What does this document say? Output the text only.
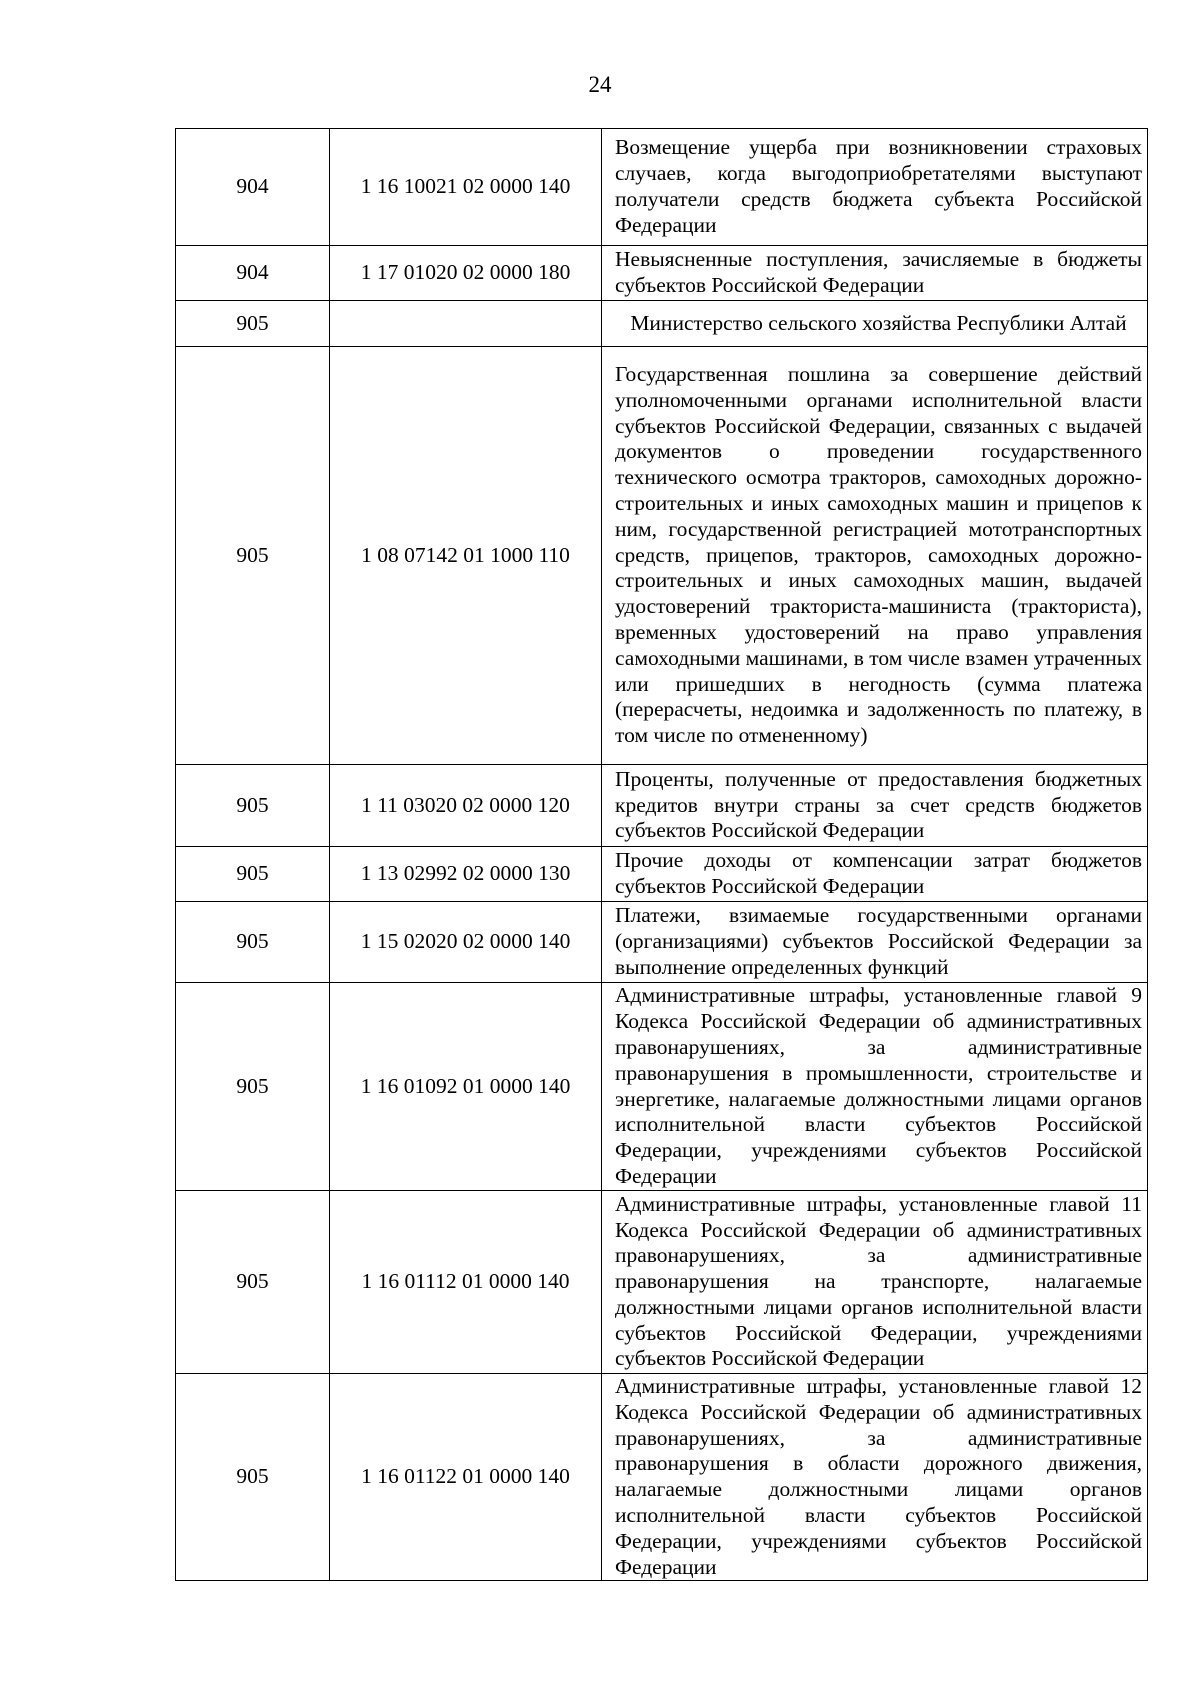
24
904	1 16 10021 02 0000 140	Возмещение ущерба при возникновении страховых случаев, когда выгодоприобретателями выступают получатели средств бюджета субъекта Российской Федерации
904	1 17 01020 02 0000 180	Невыясненные поступления, зачисляемые в бюджеты субъектов Российской Федерации
905		Министерство сельского хозяйства Республики Алтай
905	1 08 07142 01 1000 110	Государственная пошлина за совершение действий уполномоченными органами исполнительной власти субъектов Российской Федерации, связанных с выдачей документов о проведении государственного технического осмотра тракторов, самоходных дорожно-строительных и иных самоходных машин и прицепов к ним, государственной регистрацией мототранспортных средств, прицепов, тракторов, самоходных дорожно-строительных и иных самоходных машин, выдачей удостоверений тракториста-машиниста (тракториста), временных удостоверений на право управления самоходными машинами, в том числе взамен утраченных или пришедших в негодность (сумма платежа (перерасчеты, недоимка и задолженность по платежу, в том числе по отмененному)
905	1 11 03020 02 0000 120	Проценты, полученные от предоставления бюджетных кредитов внутри страны за счет средств бюджетов субъектов Российской Федерации
905	1 13 02992 02 0000 130	Прочие доходы от компенсации затрат бюджетов субъектов Российской Федерации
905	1 15 02020 02 0000 140	Платежи, взимаемые государственными органами (организациями) субъектов Российской Федерации за выполнение определенных функций
905	1 16 01092 01 0000 140	Административные штрафы, установленные главой 9 Кодекса Российской Федерации об административных правонарушениях, за административные правонарушения в промышленности, строительстве и энергетике, налагаемые должностными лицами органов исполнительной власти субъектов Российской Федерации, учреждениями субъектов Российской Федерации
905	1 16 01112 01 0000 140	Административные штрафы, установленные главой 11 Кодекса Российской Федерации об административных правонарушениях, за административные правонарушения на транспорте, налагаемые должностными лицами органов исполнительной власти субъектов Российской Федерации, учреждениями субъектов Российской Федерации
905	1 16 01122 01 0000 140	Административные штрафы, установленные главой 12 Кодекса Российской Федерации об административных правонарушениях, за административные правонарушения в области дорожного движения, налагаемые должностными лицами органов исполнительной власти субъектов Российской Федерации, учреждениями субъектов Российской Федерации
